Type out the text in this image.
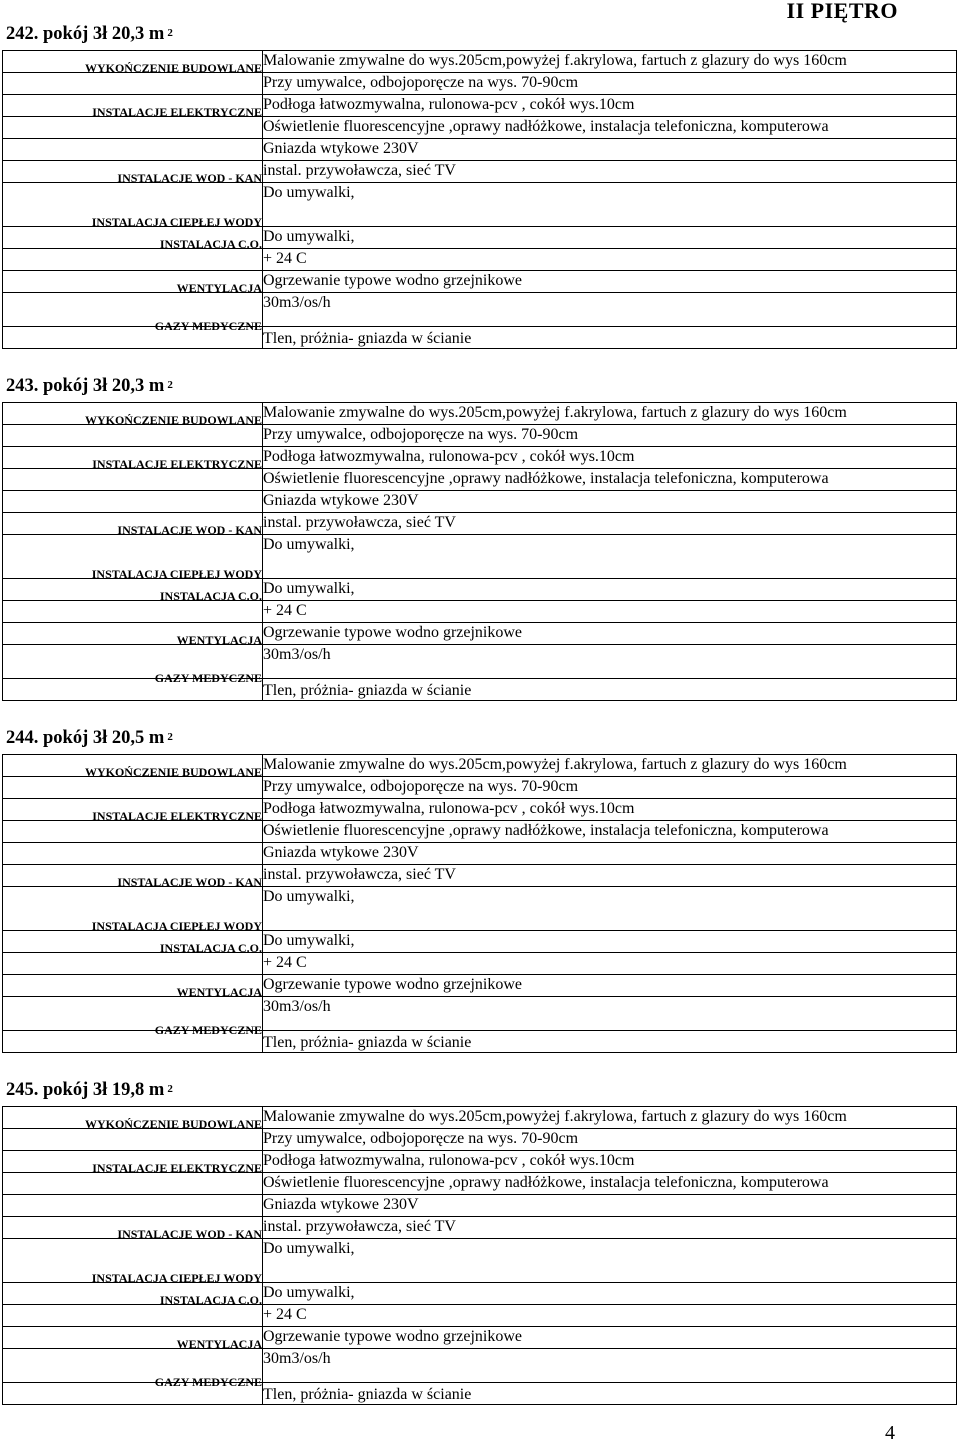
II PIĘTRO
242. pokój 3ł 20,3 m $^2$
WYKOŃCZENIE BUDOWLANE
INSTALACJE ELEKTRYCZNE
INSTALACJE WOD - KAN
INSTALACJA CIEPŁEJ WODY
INSTALACJA C.O.
WENTYLACJA
GAZY MEDYCZNE
Malowanie zmywalne do wys.205cm,powyżej f.akrylowa, fartuch z glazury do wys 160cm
Przy umywalce, odbojoporęcze na wys. 70-90cm
Podłoga łatwozmywalna, rulonowa-pcv , cokół wys.10cm
Oświetlenie fluorescencyjne ,oprawy nadłóżkowe, instalacja telefoniczna, komputerowa
Gniazda wtykowe 230V
instal. przywoławcza, sieć TV
Do umywalki,
Do umywalki,
+ 24 C
Ogrzewanie typowe wodno grzejnikowe
30m3/os/h
Tlen, próżnia- gniazda w ścianie
243. pokój 3ł 20,3 m $^2$
WYKOŃCZENIE BUDOWLANE
INSTALACJE ELEKTRYCZNE
INSTALACJE WOD - KAN
INSTALACJA CIEPŁEJ WODY
INSTALACJA C.O.
WENTYLACJA
GAZY MEDYCZNE
Malowanie zmywalne do wys.205cm,powyżej f.akrylowa, fartuch z glazury do wys 160cm
Przy umywalce, odbojoporęcze na wys. 70-90cm
Podłoga łatwozmywalna, rulonowa-pcv , cokół wys.10cm
Oświetlenie fluorescencyjne ,oprawy nadłóżkowe, instalacja telefoniczna, komputerowa
Gniazda wtykowe 230V
instal. przywoławcza, sieć TV
Do umywalki,
Do umywalki,
+ 24 C
Ogrzewanie typowe wodno grzejnikowe
30m3/os/h
Tlen, próżnia- gniazda w ścianie
244. pokój 3ł 20,5 m $^2$
WYKOŃCZENIE BUDOWLANE
INSTALACJE ELEKTRYCZNE
INSTALACJE WOD - KAN
INSTALACJA CIEPŁEJ WODY
INSTALACJA C.O.
WENTYLACJA
GAZY MEDYCZNE
Malowanie zmywalne do wys.205cm,powyżej f.akrylowa, fartuch z glazury do wys 160cm
Przy umywalce, odbojoporęcze na wys. 70-90cm
Podłoga łatwozmywalna, rulonowa-pcv , cokół wys.10cm
Oświetlenie fluorescencyjne ,oprawy nadłóżkowe, instalacja telefoniczna, komputerowa
Gniazda wtykowe 230V
instal. przywoławcza, sieć TV
Do umywalki,
Do umywalki,
+ 24 C
Ogrzewanie typowe wodno grzejnikowe
30m3/os/h
Tlen, próżnia- gniazda w ścianie
245. pokój 3ł 19,8 m $^2$
WYKOŃCZENIE BUDOWLANE
INSTALACJE ELEKTRYCZNE
INSTALACJE WOD - KAN
INSTALACJA CIEPŁEJ WODY
INSTALACJA C.O.
WENTYLACJA
GAZY MEDYCZNE
Malowanie zmywalne do wys.205cm,powyżej f.akrylowa, fartuch z glazury do wys 160cm
Przy umywalce, odbojoporęcze na wys. 70-90cm
Podłoga łatwozmywalna, rulonowa-pcv , cokół wys.10cm
Oświetlenie fluorescencyjne ,oprawy nadłóżkowe, instalacja telefoniczna, komputerowa
Gniazda wtykowe 230V
instal. przywoławcza, sieć TV
Do umywalki,
Do umywalki,
+ 24 C
Ogrzewanie typowe wodno grzejnikowe
30m3/os/h
Tlen, próżnia- gniazda w ścianie
4
